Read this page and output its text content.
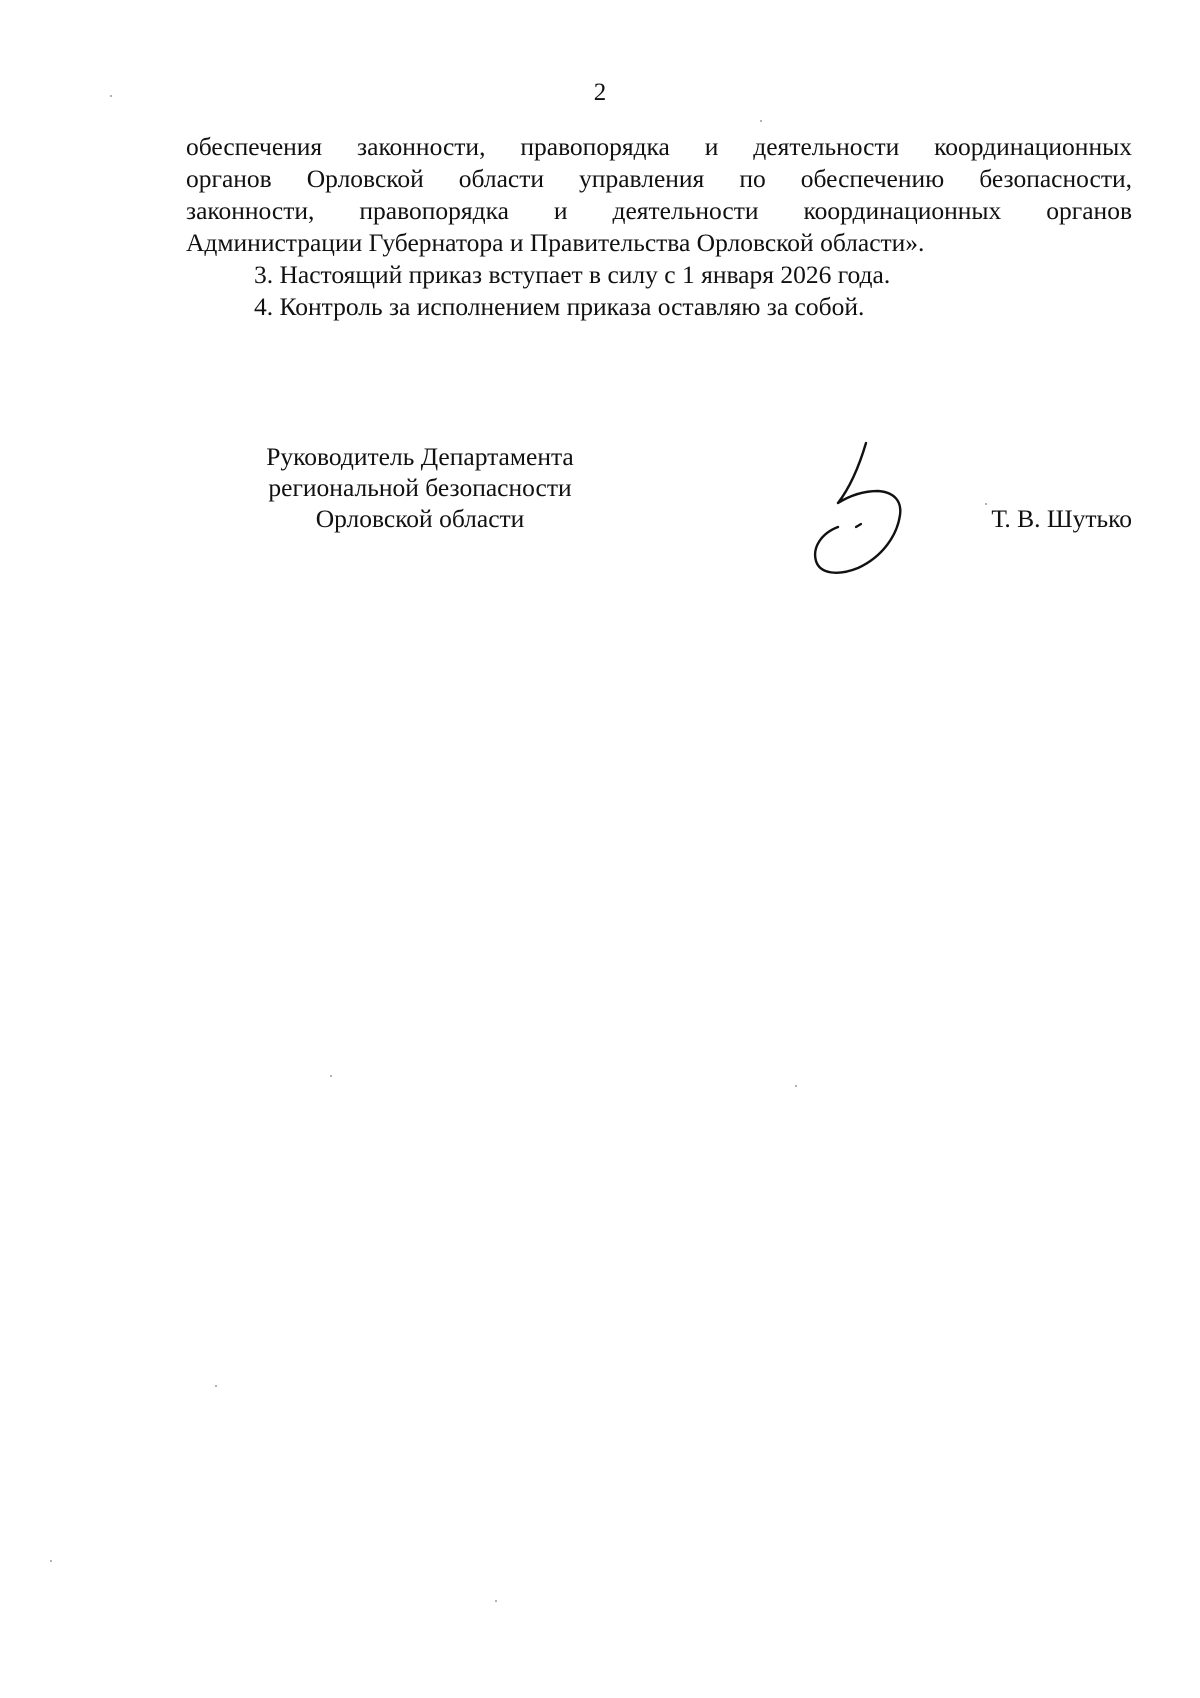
2
обеспечения законности, правопорядка и деятельности координационных
органов Орловской области управления по обеспечению безопасности,
законности, правопорядка и деятельности координационных органов
Администрации Губернатора и Правительства Орловской области».
3. Настоящий приказ вступает в силу с 1 января 2026 года.
4. Контроль за исполнением приказа оставляю за собой.
Руководитель Департамента
региональной безопасности
Орловской области	Т. В. Шутько
